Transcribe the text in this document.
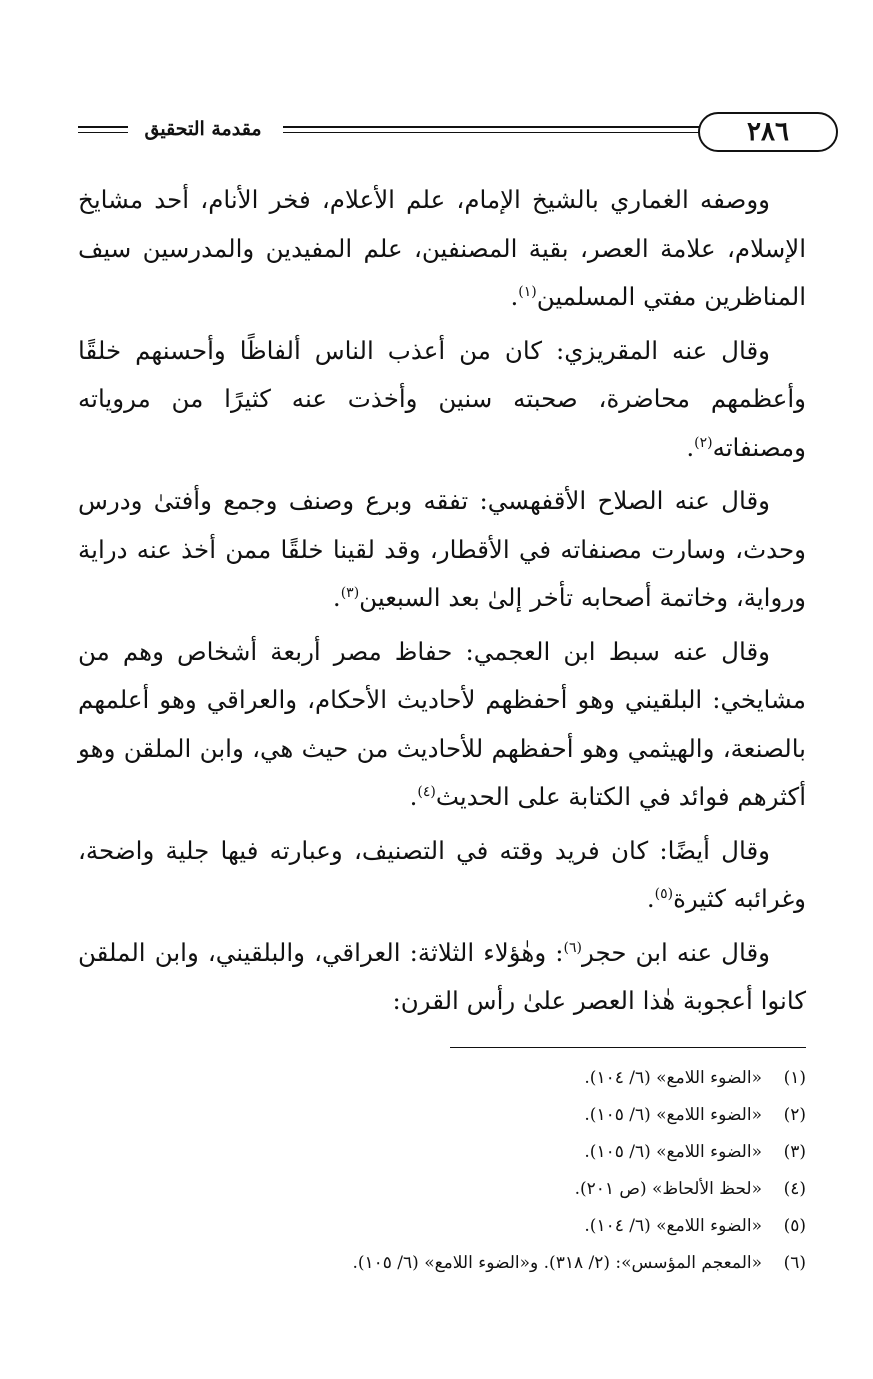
٢٨٦
مقدمة التحقيق

ووصفه الغماري بالشيخ الإمام، علم الأعلام، فخر الأنام، أحد مشايخ الإسلام، علامة العصر، بقية المصنفين، علم المفيدين والمدرسين سيف المناظرين مفتي المسلمين$^{(١)}$.

وقال عنه المقريزي: كان من أعذب الناس ألفاظًا وأحسنهم خلقًا وأعظمهم محاضرة، صحبته سنين وأخذت عنه كثيرًا من مروياته ومصنفاته$^{(٢)}$.

وقال عنه الصلاح الأقفهسي: تفقه وبرع وصنف وجمع وأفتىٰ ودرس وحدث، وسارت مصنفاته في الأقطار، وقد لقينا خلقًا ممن أخذ عنه دراية ورواية، وخاتمة أصحابه تأخر إلىٰ بعد السبعين$^{(٣)}$.

وقال عنه سبط ابن العجمي: حفاظ مصر أربعة أشخاص وهم من مشايخي: البلقيني وهو أحفظهم لأحاديث الأحكام، والعراقي وهو أعلمهم بالصنعة، والهيثمي وهو أحفظهم للأحاديث من حيث هي، وابن الملقن وهو أكثرهم فوائد في الكتابة على الحديث$^{(٤)}$.

وقال أيضًا: كان فريد وقته في التصنيف، وعبارته فيها جلية واضحة، وغرائبه كثيرة$^{(٥)}$.

وقال عنه ابن حجر$^{(٦)}$: وهٰؤلاء الثلاثة: العراقي، والبلقيني، وابن الملقن كانوا أعجوبة هٰذا العصر علىٰ رأس القرن:

(١)
«الضوء اللامع» (٦/ ١٠٤).
(٢)
«الضوء اللامع» (٦/ ١٠٥).
(٣)
«الضوء اللامع» (٦/ ١٠٥).
(٤)
«لحظ الألحاظ» (ص ٢٠١).
(٥)
«الضوء اللامع» (٦/ ١٠٤).
(٦)
«المعجم المؤسس»: (٢/ ٣١٨). و«الضوء اللامع» (٦/ ١٠٥).
